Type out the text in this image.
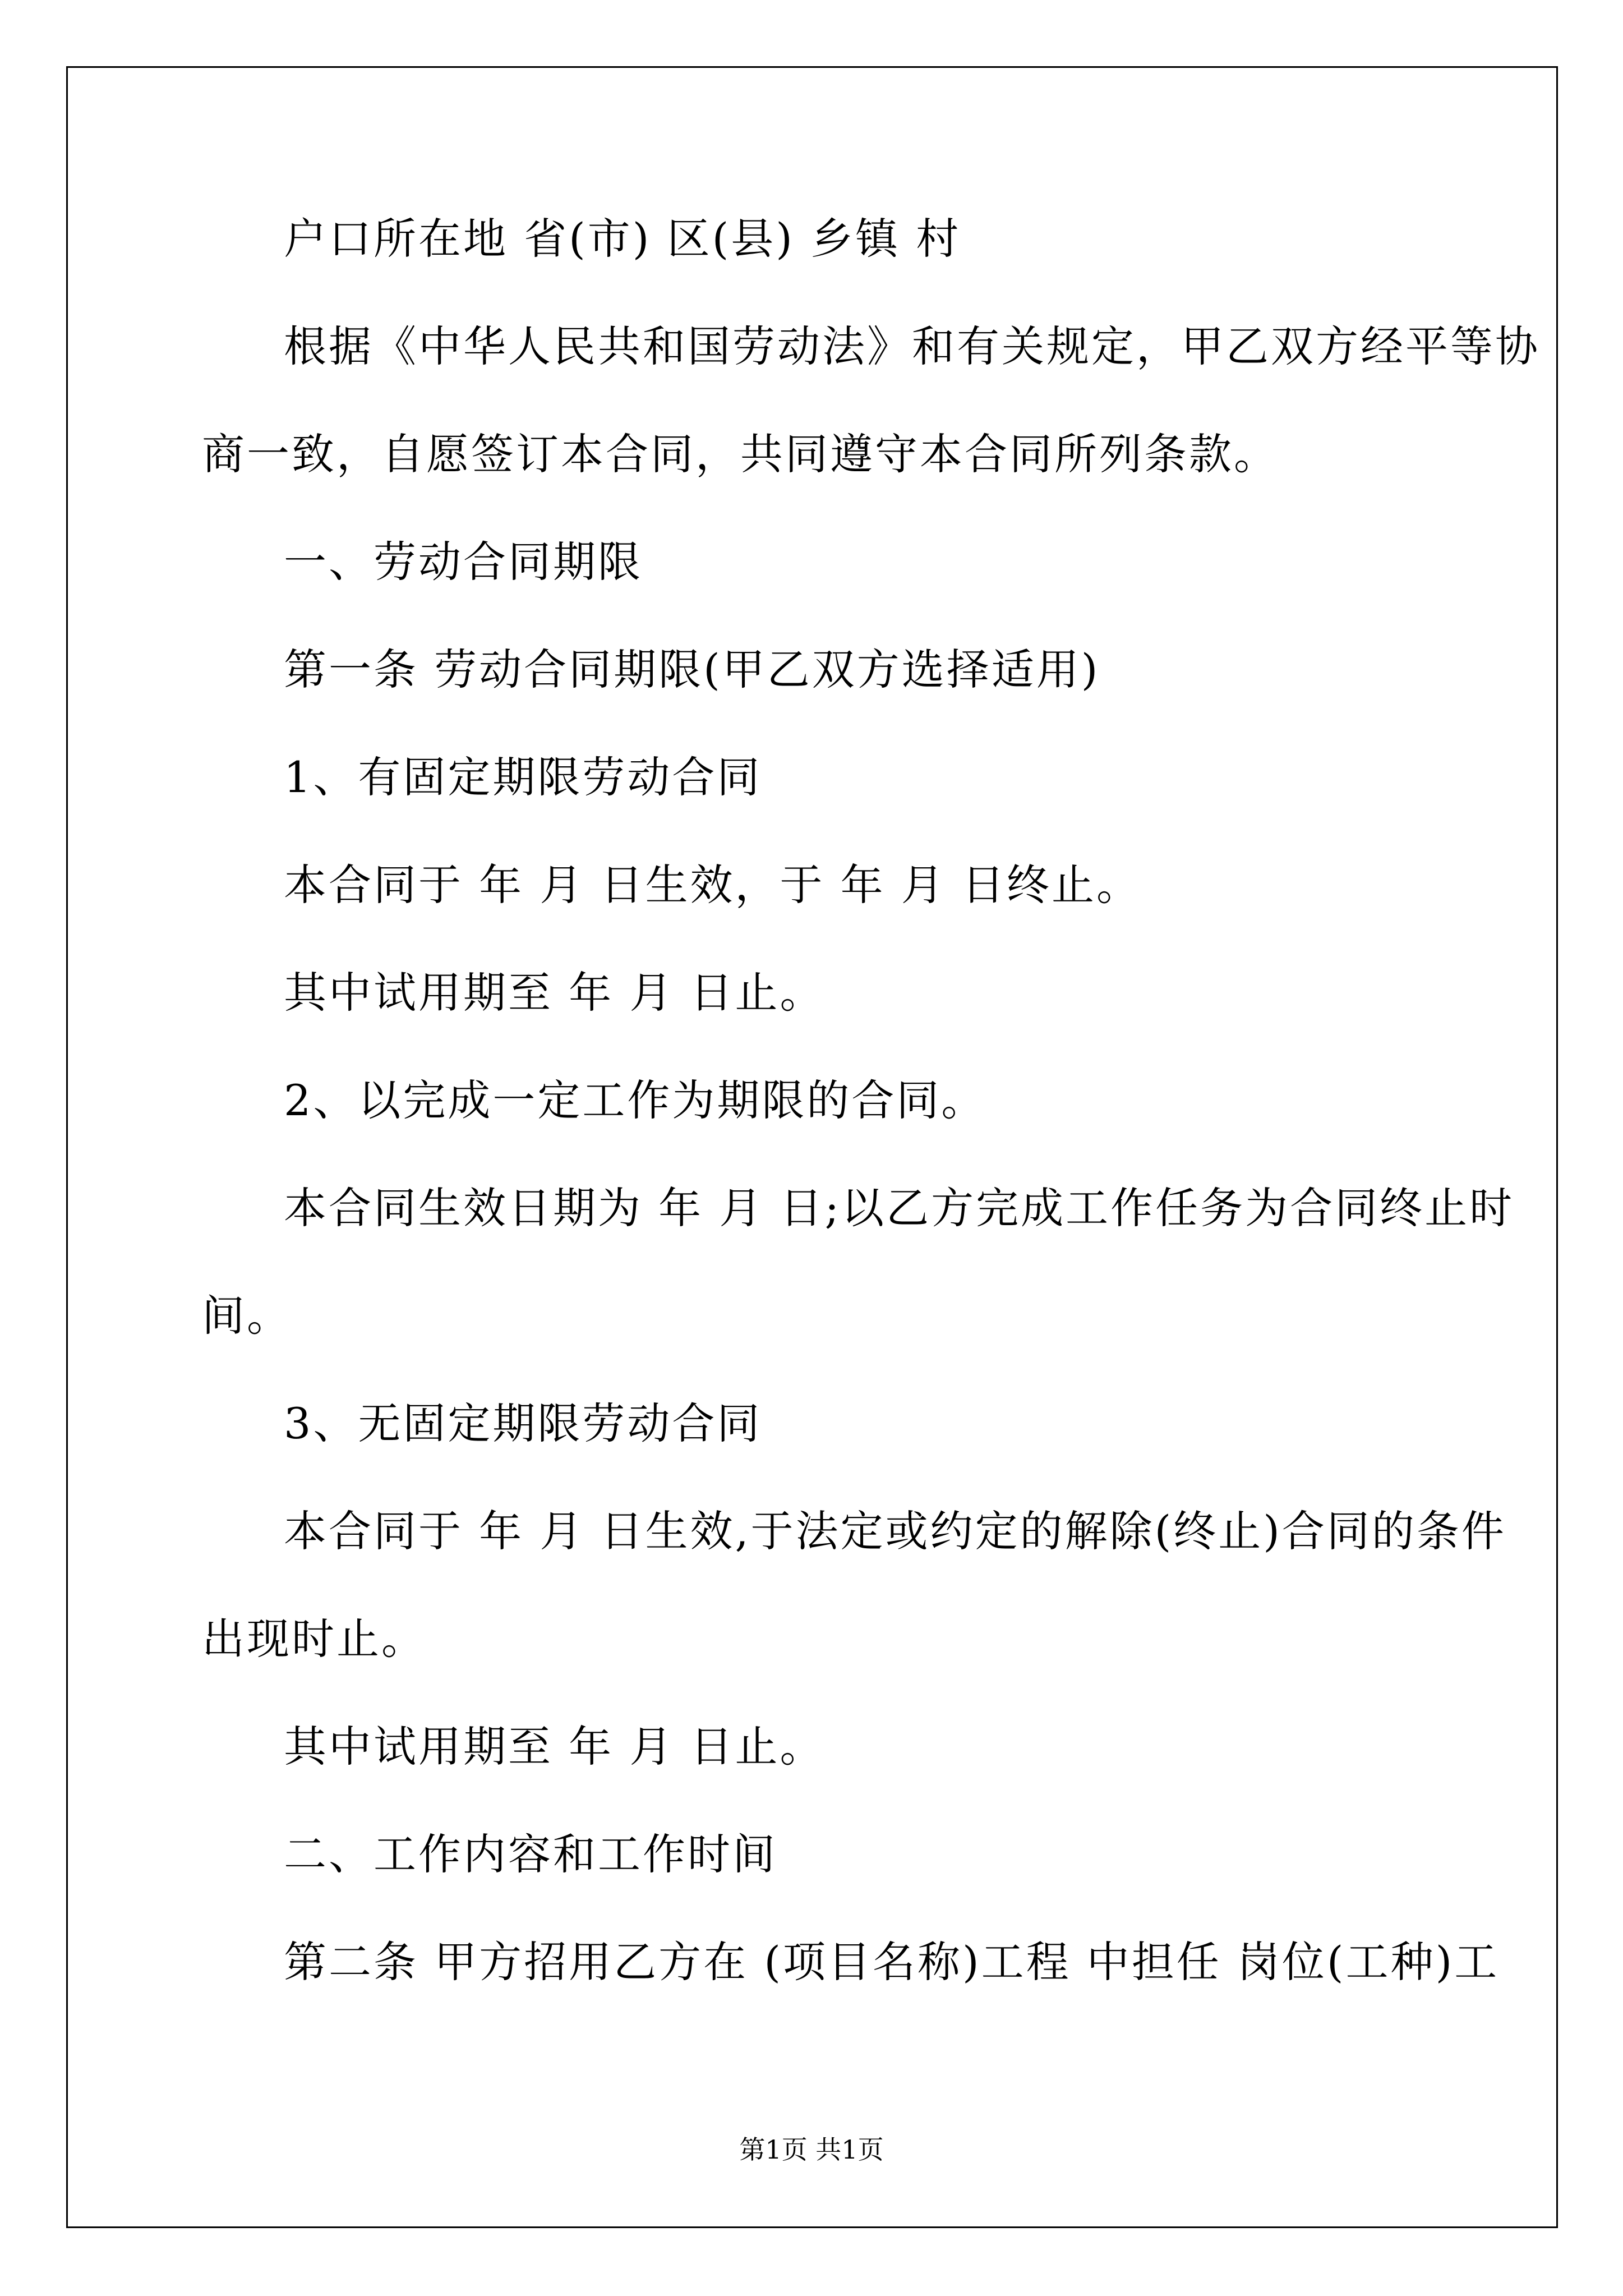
户口所在地 省(市) 区(县) 乡镇 村

根据《中华人民共和国劳动法》和有关规定，甲乙双方经平等协

商一致，自愿签订本合同，共同遵守本合同所列条款。

一、劳动合同期限

第一条 劳动合同期限(甲乙双方选择适用)

1、有固定期限劳动合同

本合同于 年 月 日生效，于 年 月 日终止。

其中试用期至 年 月 日止。

2、以完成一定工作为期限的合同。

本合同生效日期为 年 月 日;以乙方完成工作任务为合同终止时

间。

3、无固定期限劳动合同

本合同于 年 月 日生效,于法定或约定的解除(终止)合同的条件

出现时止。

其中试用期至 年 月 日止。

二、工作内容和工作时间

第二条 甲方招用乙方在 (项目名称)工程 中担任 岗位(工种)工

第1页 共1页
